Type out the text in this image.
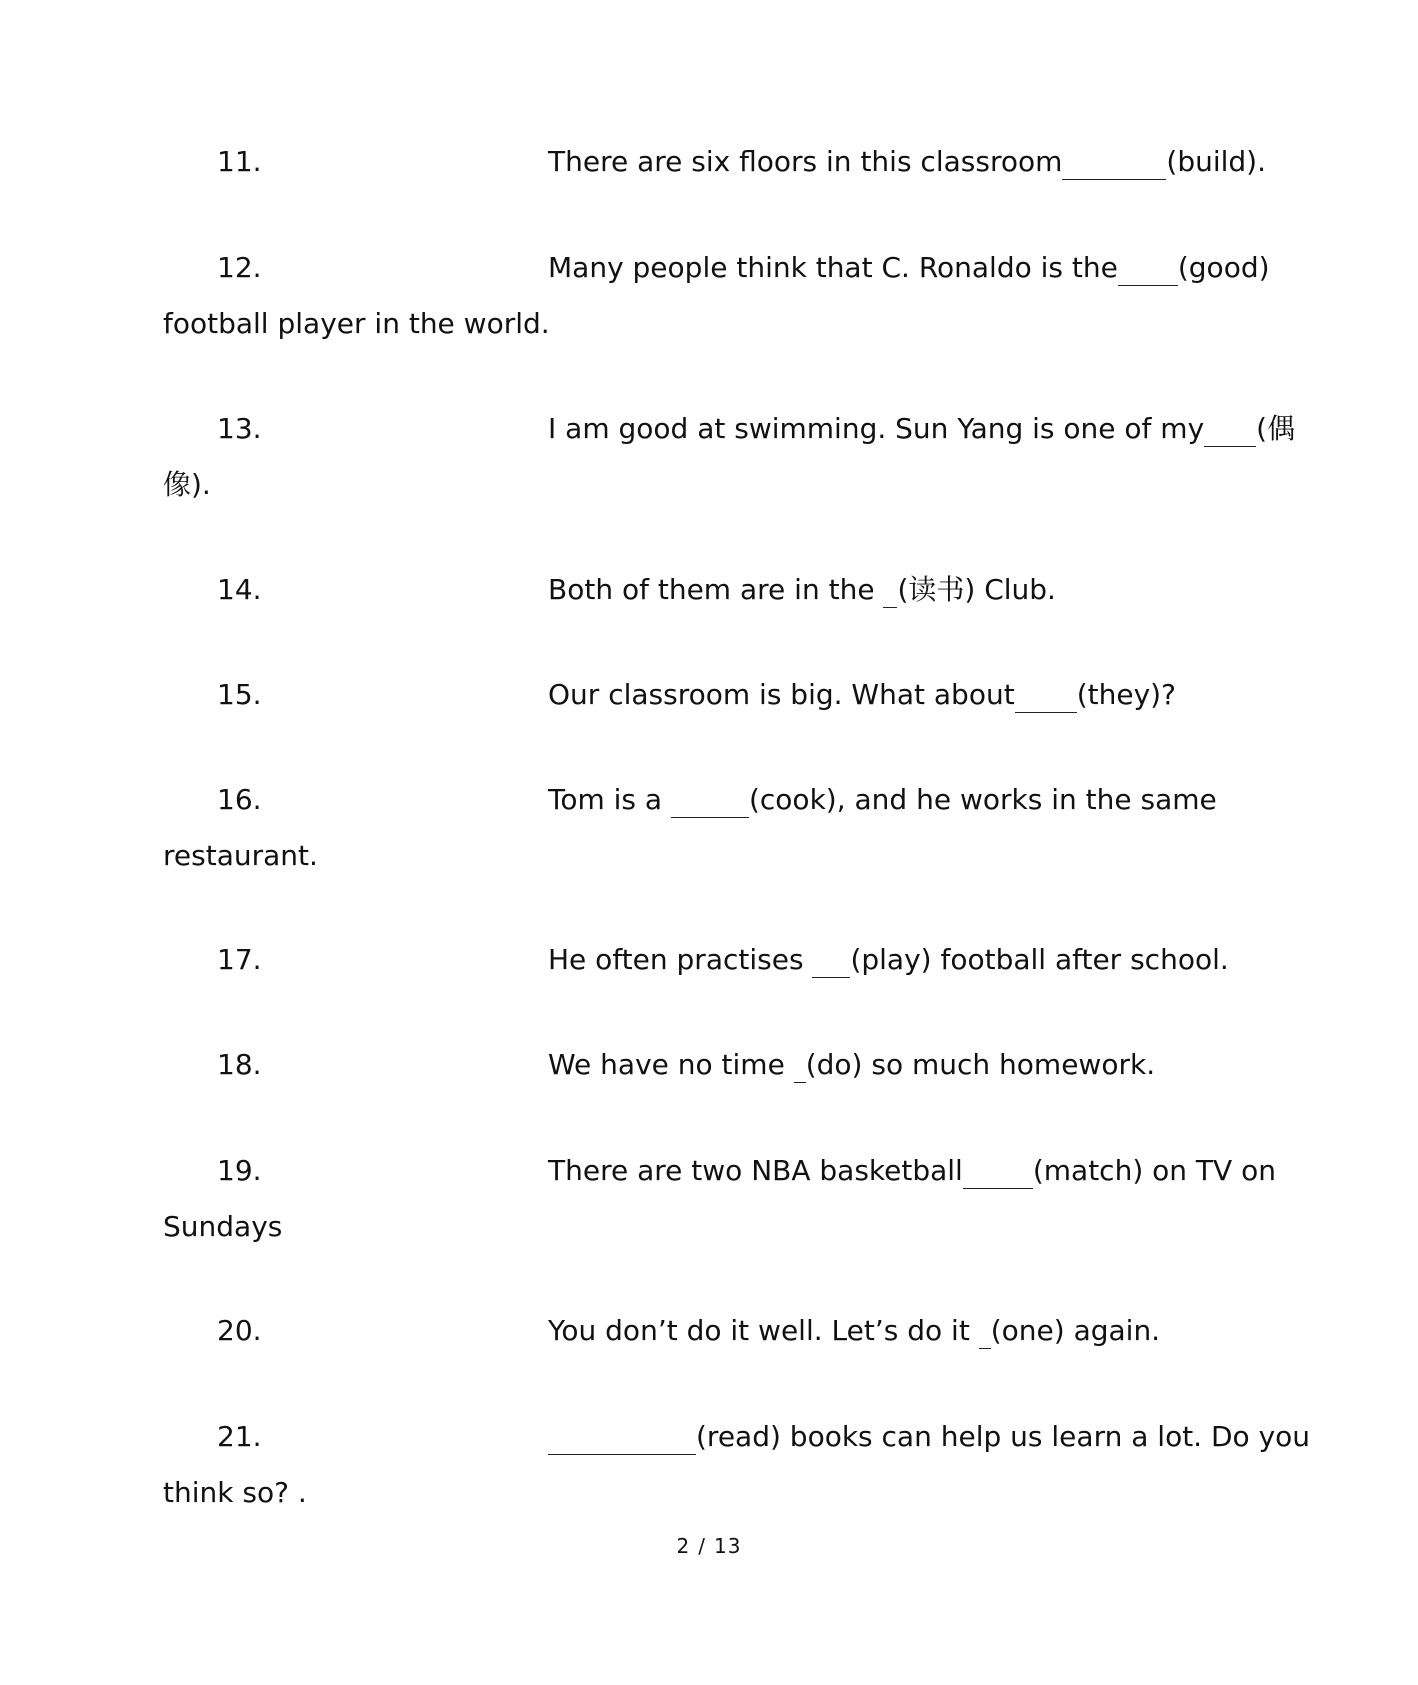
11.	There are six floors in this classroom	(build).
12.	Many people think that C. Ronaldo is the (good)
football player in the world.
13.	I am good at swimming. Sun Yang is one of my (偶
像).
14.	Both of them are in the (读书) Club.
15.	Our classroom is big. What about (they)?
16.	Tom is a	(cook), and he works in the same
restaurant.
17.	He often practises (play) football after school.
18.	We have no time (do) so much homework.
19.	There are two NBA basketball	(match) on TV on
Sundays
20.	You don’t do it well. Let’s do it (one) again.
21.	(read) books can help us learn a lot. Do you
think so? .
2 / 13
